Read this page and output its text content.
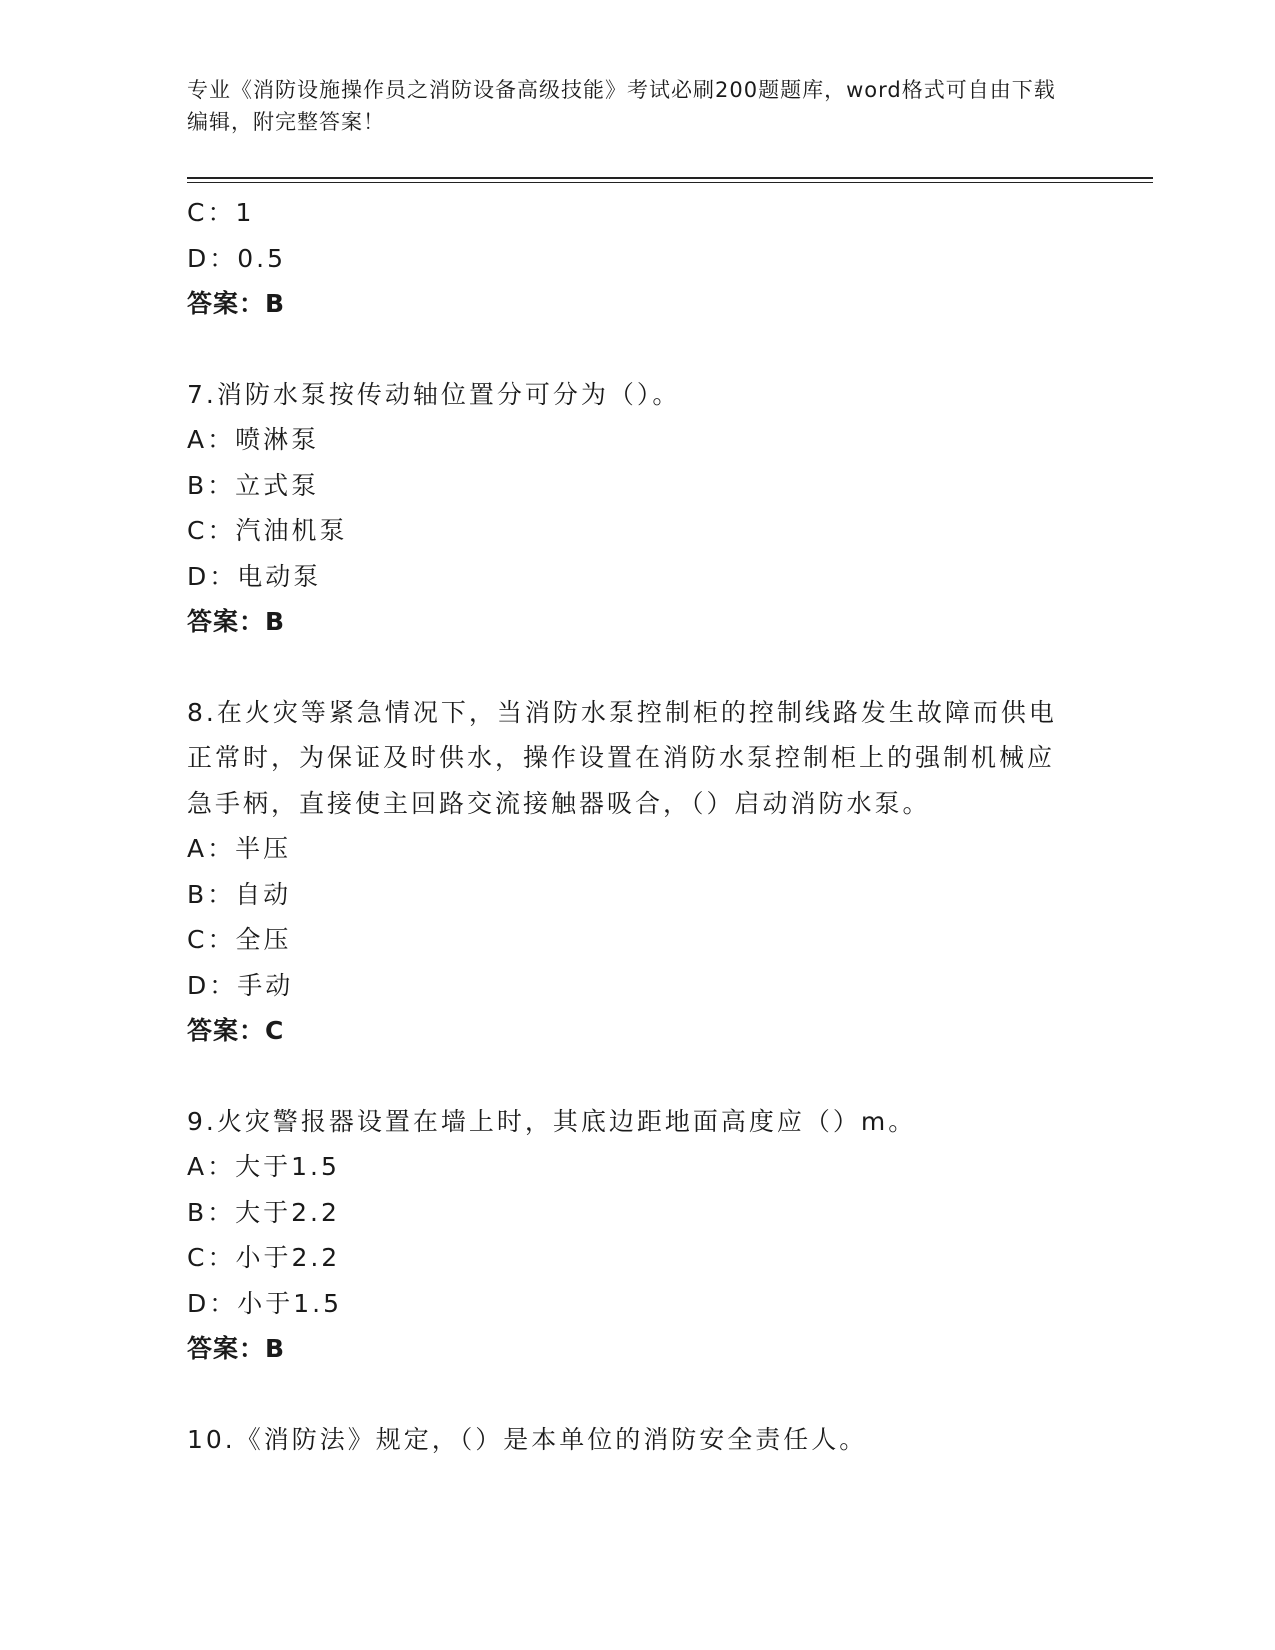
专业《消防设施操作员之消防设备高级技能》考试必刷200题题库，word格式可自由下载编辑，附完整答案！
C：1
D：0.5
答案：B
7.消防水泵按传动轴位置分可分为（）。
A：喷淋泵
B：立式泵
C：汽油机泵
D：电动泵
答案：B
8.在火灾等紧急情况下，当消防水泵控制柜的控制线路发生故障而供电正常时，为保证及时供水，操作设置在消防水泵控制柜上的强制机械应急手柄，直接使主回路交流接触器吸合，（）启动消防水泵。
A：半压
B：自动
C：全压
D：手动
答案：C
9.火灾警报器设置在墙上时，其底边距地面高度应（）m。
A：大于1.5
B：大于2.2
C：小于2.2
D：小于1.5
答案：B
10.《消防法》规定，（）是本单位的消防安全责任人。
